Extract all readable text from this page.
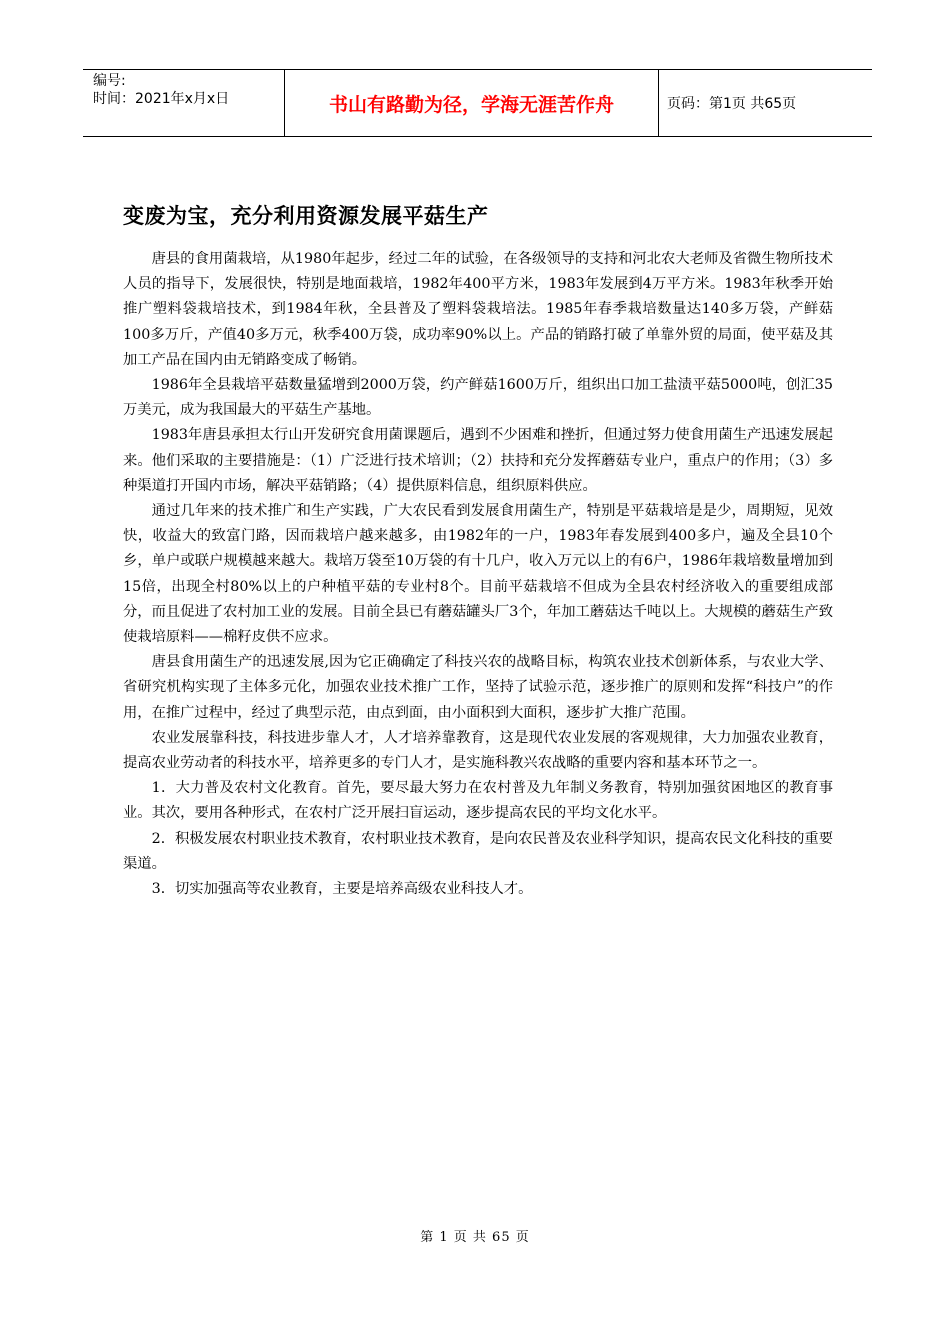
编号:
时间：2021年x月x日	书山有路勤为径，学海无涯苦作舟	页码：第1页 共65页
变废为宝，充分利用资源发展平菇生产

唐县的食用菌栽培，从1980年起步，经过二年的试验，在各级领导的支持和河北农大老师及省微生物所技术人员的指导下，发展很快，特别是地面栽培，1982年400平方米，1983年发展到4万平方米。1983年秋季开始推广塑料袋栽培技术，到1984年秋，全县普及了塑料袋栽培法。1985年春季栽培数量达140多万袋，产鲜菇100多万斤，产值40多万元，秋季400万袋，成功率90%以上。产品的销路打破了单靠外贸的局面，使平菇及其加工产品在国内由无销路变成了畅销。

1986年全县栽培平菇数量猛增到2000万袋，约产鲜菇1600万斤，组织出口加工盐渍平菇5000吨，创汇35万美元，成为我国最大的平菇生产基地。

1983年唐县承担太行山开发研究食用菌课题后，遇到不少困难和挫折，但通过努力使食用菌生产迅速发展起来。他们采取的主要措施是：（1）广泛进行技术培训；（2）扶持和充分发挥蘑菇专业户，重点户的作用；（3）多种渠道打开国内市场，解决平菇销路；（4）提供原料信息，组织原料供应。

通过几年来的技术推广和生产实践，广大农民看到发展食用菌生产，特别是平菇栽培是是少，周期短，见效快，收益大的致富门路，因而栽培户越来越多，由1982年的一户，1983年春发展到400多户，遍及全县10个乡，单户或联户规模越来越大。栽培万袋至10万袋的有十几户，收入万元以上的有6户，1986年栽培数量增加到15倍，出现全村80%以上的户种植平菇的专业村8个。目前平菇栽培不但成为全县农村经济收入的重要组成部分，而且促进了农村加工业的发展。目前全县已有蘑菇罐头厂3个，年加工蘑菇达千吨以上。大规模的蘑菇生产致使栽培原料——棉籽皮供不应求。

唐县食用菌生产的迅速发展,因为它正确确定了科技兴农的战略目标，构筑农业技术创新体系，与农业大学、省研究机构实现了主体多元化，加强农业技术推广工作，坚持了试验示范，逐步推广的原则和发挥“科技户”的作用，在推广过程中，经过了典型示范，由点到面，由小面积到大面积，逐步扩大推广范围。

农业发展靠科技，科技进步靠人才，人才培养靠教育，这是现代农业发展的客观规律，大力加强农业教育，提高农业劳动者的科技水平，培养更多的专门人才，是实施科教兴农战略的重要内容和基本环节之一。

1．大力普及农村文化教育。首先，要尽最大努力在农村普及九年制义务教育，特别加强贫困地区的教育事业。其次，要用各种形式，在农村广泛开展扫盲运动，逐步提高农民的平均文化水平。

2．积极发展农村职业技术教育，农村职业技术教育，是向农民普及农业科学知识，提高农民文化科技的重要渠道。

3．切实加强高等农业教育，主要是培养高级农业科技人才。

第 1 页 共 65 页
